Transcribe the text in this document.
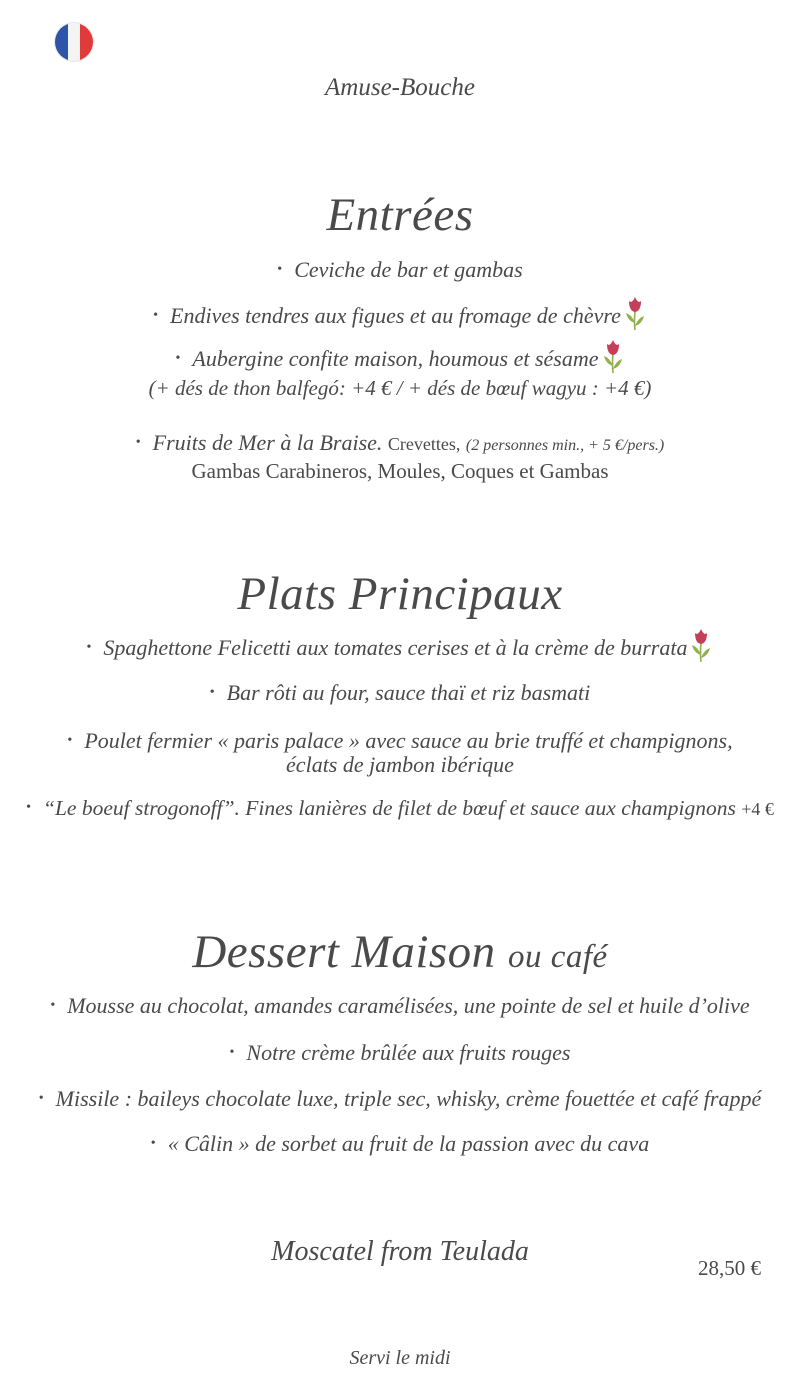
Amuse-Bouche
Entrées
• Ceviche de bar et gambas
• Endives tendres aux figues et au fromage de chèvre
• Aubergine confite maison, houmous et sésame
(+ dés de thon balfegó: +4 € / + dés de bœuf wagyu : +4 €)
• Fruits de Mer à la Braise. Crevettes, (2 personnes min., + 5 €/pers.)
Gambas Carabineros, Moules, Coques et Gambas
Plats Principaux
• Spaghettone Felicetti aux tomates cerises et à la crème de burrata
• Bar rôti au four, sauce thaï et riz basmati
• Poulet fermier « paris palace » avec sauce au brie truffé et champignons,
éclats de jambon ibérique
• “Le boeuf strogonoff”. Fines lanières de filet de bœuf et sauce aux champignons +4 €
Dessert Maison ou café
• Mousse au chocolat, amandes caramélisées, une pointe de sel et huile d’olive
• Notre crème brûlée aux fruits rouges
• Missile : baileys chocolate luxe, triple sec, whisky, crème fouettée et café frappé
• « Câlin » de sorbet au fruit de la passion avec du cava
Moscatel from Teulada
28,50 €
Servi le midi
